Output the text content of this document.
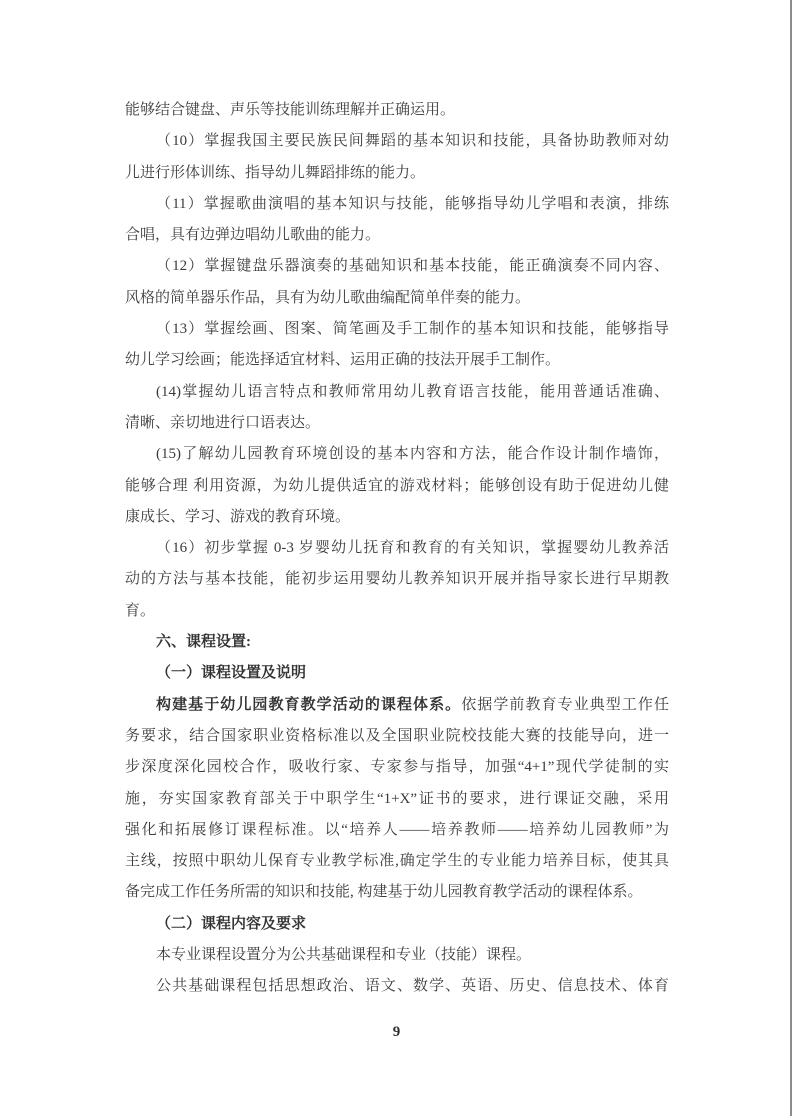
能够结合键盘、声乐等技能训练理解并正确运用。
（10）掌握我国主要民族民间舞蹈的基本知识和技能，具备协助教师对幼
儿进行形体训练、指导幼儿舞蹈排练的能力。
（11）掌握歌曲演唱的基本知识与技能，能够指导幼儿学唱和表演，排练
合唱，具有边弹边唱幼儿歌曲的能力。
（12）掌握键盘乐器演奏的基础知识和基本技能，能正确演奏不同内容、
风格的简单器乐作品，具有为幼儿歌曲编配简单伴奏的能力。
（13）掌握绘画、图案、简笔画及手工制作的基本知识和技能，能够指导
幼儿学习绘画；能选择适宜材料、运用正确的技法开展手工制作。
(14)掌握幼儿语言特点和教师常用幼儿教育语言技能，能用普通话准确、
清晰、亲切地进行口语表达。
(15)了解幼儿园教育环境创设的基本内容和方法，能合作设计制作墙饰，
能够合理 利用资源，为幼儿提供适宜的游戏材料；能够创设有助于促进幼儿健
康成长、学习、游戏的教育环境。
（16）初步掌握 0-3 岁婴幼儿抚育和教育的有关知识，掌握婴幼儿教养活
动的方法与基本技能，能初步运用婴幼儿教养知识开展并指导家长进行早期教
育。
六、课程设置:
（一）课程设置及说明
构建基于幼儿园教育教学活动的课程体系。依据学前教育专业典型工作任
务要求，结合国家职业资格标准以及全国职业院校技能大赛的技能导向，进一
步深度深化园校合作，吸收行家、专家参与指导，加强“4+1”现代学徒制的实
施，夯实国家教育部关于中职学生“1+X”证书的要求，进行课证交融，采用
强化和拓展修订课程标准。以“培养人——培养教师——培养幼儿园教师”为
主线，按照中职幼儿保育专业教学标准,确定学生的专业能力培养目标，使其具
备完成工作任务所需的知识和技能, 构建基于幼儿园教育教学活动的课程体系。
（二）课程内容及要求
本专业课程设置分为公共基础课程和专业（技能）课程。
公共基础课程包括思想政治、语文、数学、英语、历史、信息技术、体育
9
